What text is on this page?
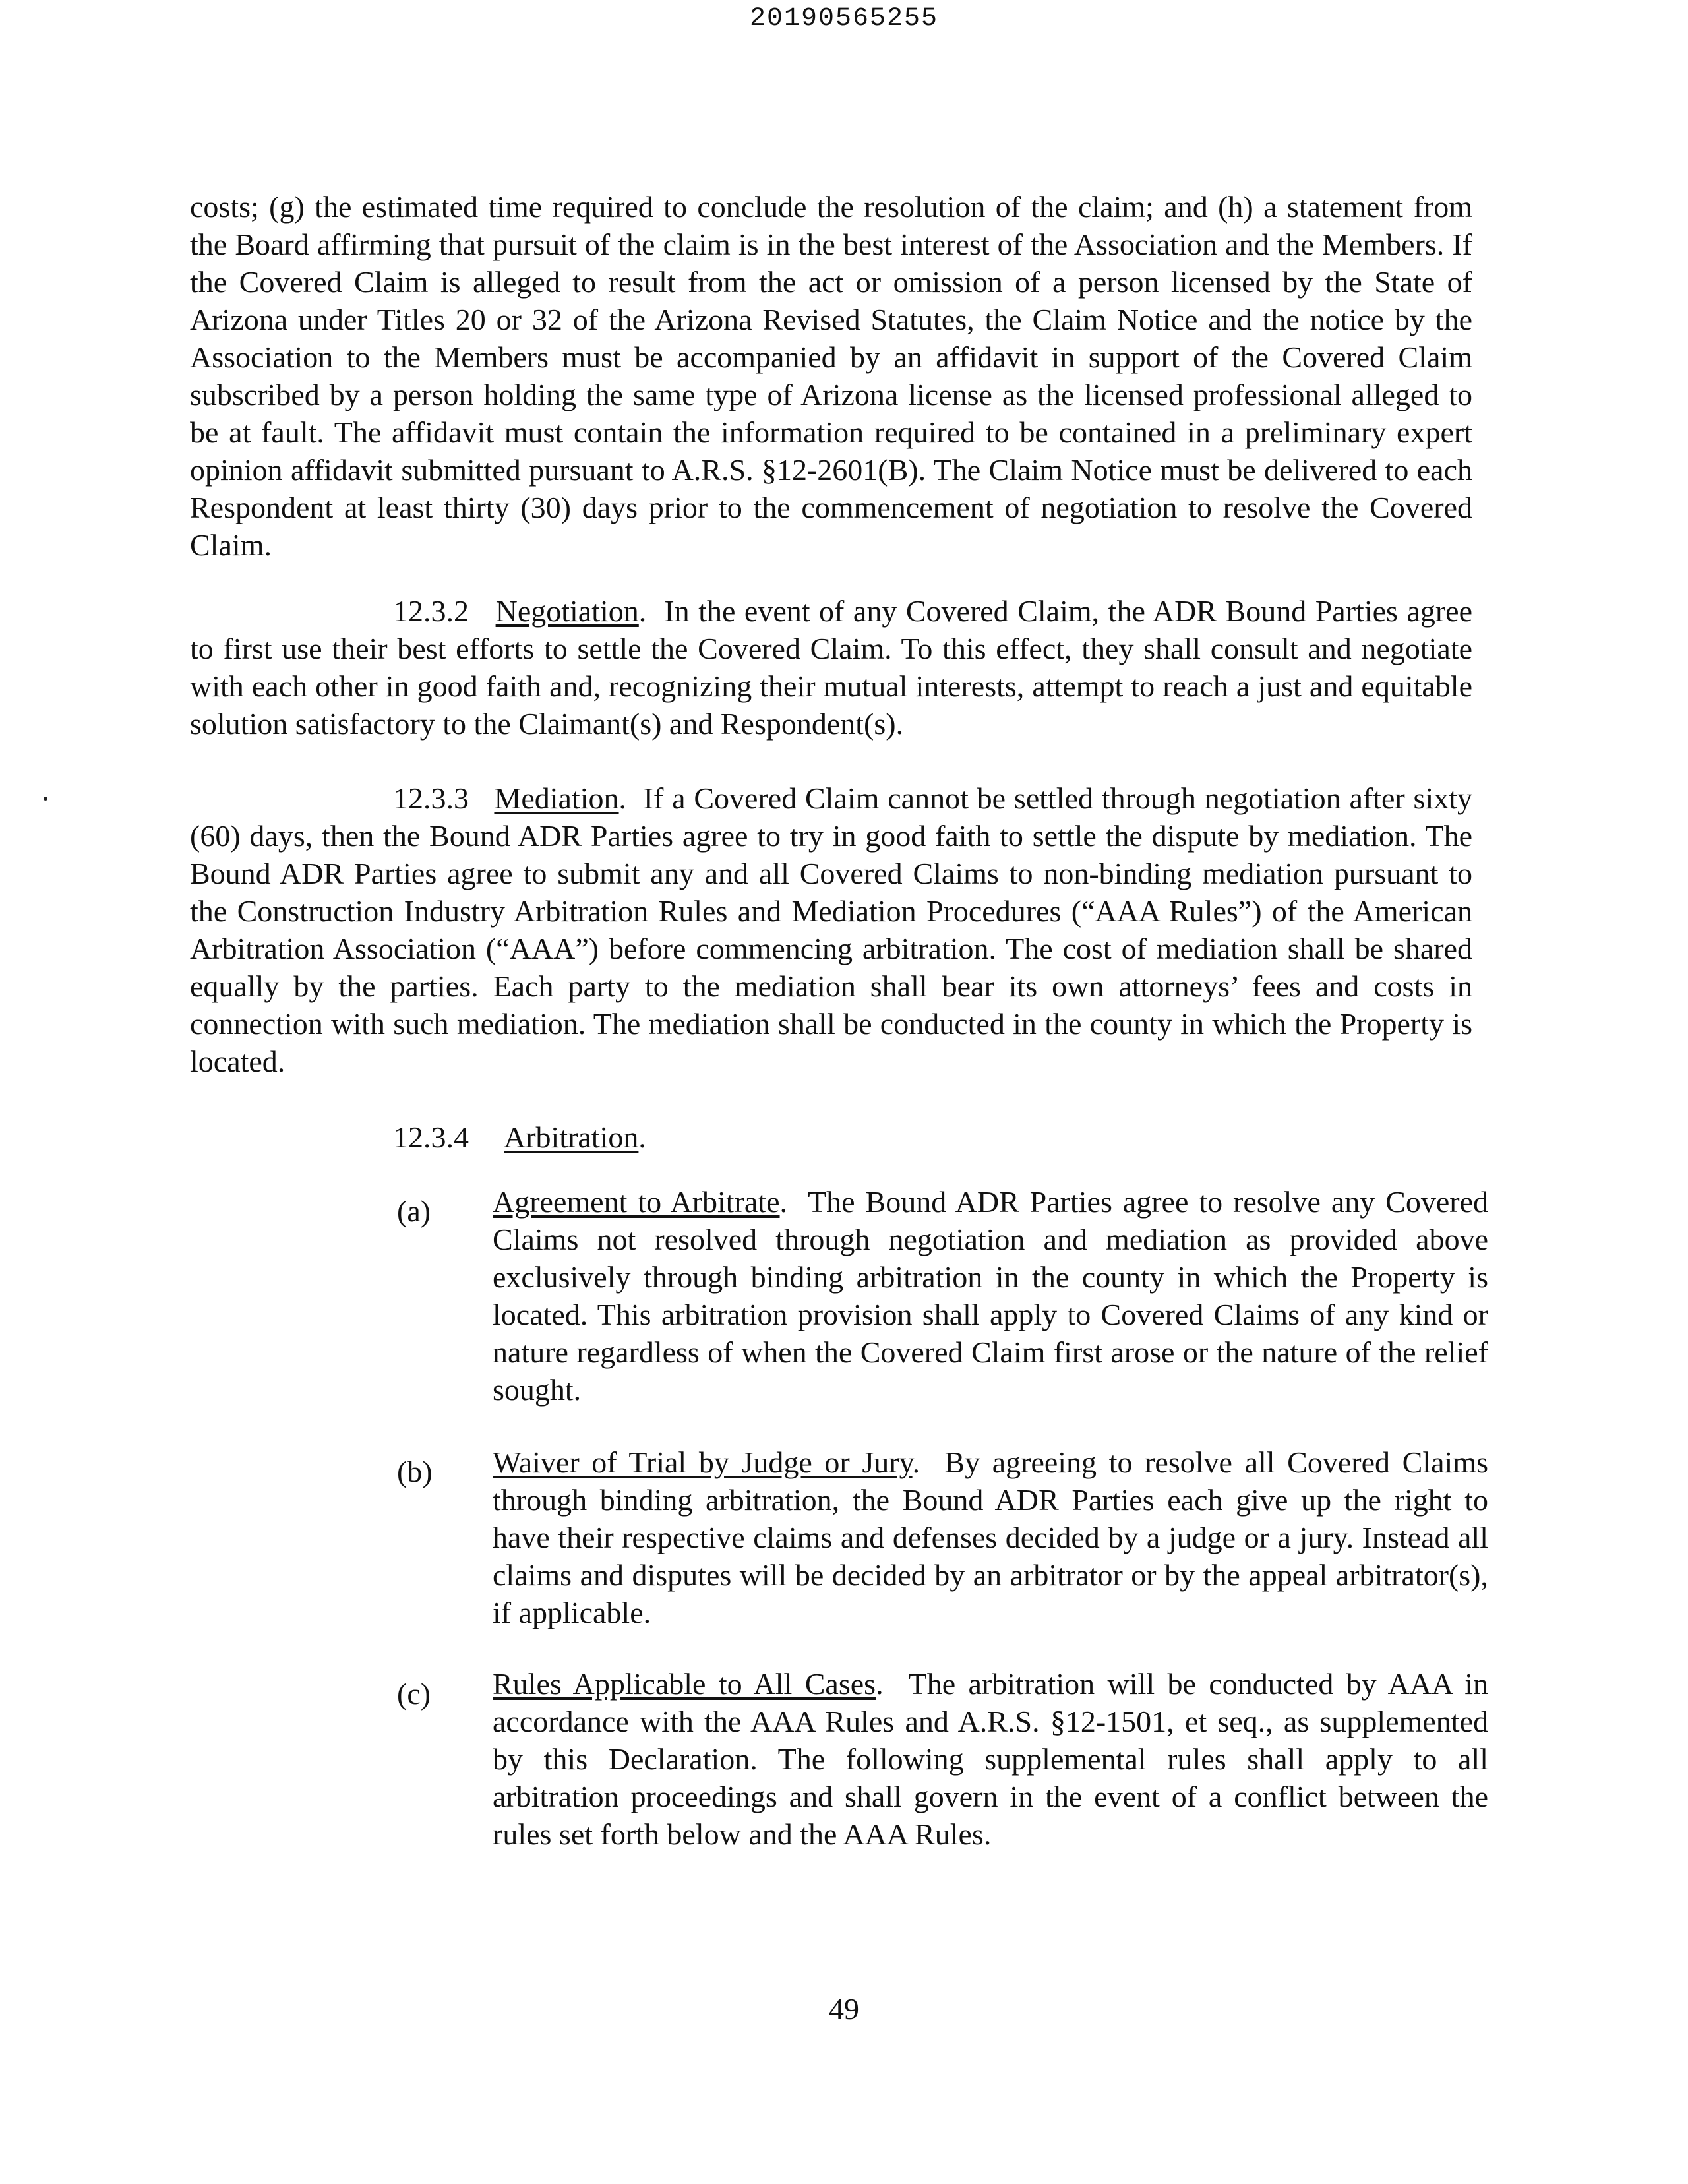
20190565255

costs; (g) the estimated time required to conclude the resolution of the claim; and (h) a statement from the Board affirming that pursuit of the claim is in the best interest of the Association and the Members. If the Covered Claim is alleged to result from the act or omission of a person licensed by the State of Arizona under Titles 20 or 32 of the Arizona Revised Statutes, the Claim Notice and the notice by the Association to the Members must be accompanied by an affidavit in support of the Covered Claim subscribed by a person holding the same type of Arizona license as the licensed professional alleged to be at fault. The affidavit must contain the information required to be contained in a preliminary expert opinion affidavit submitted pursuant to A.R.S. §12-2601(B). The Claim Notice must be delivered to each Respondent at least thirty (30) days prior to the commencement of negotiation to resolve the Covered Claim.

12.3.2 Negotiation.  In the event of any Covered Claim, the ADR Bound Parties agree to first use their best efforts to settle the Covered Claim. To this effect, they shall consult and negotiate with each other in good faith and, recognizing their mutual interests, attempt to reach a just and equitable solution satisfactory to the Claimant(s) and Respondent(s).

12.3.3 Mediation.  If a Covered Claim cannot be settled through negotiation after sixty (60) days, then the Bound ADR Parties agree to try in good faith to settle the dispute by mediation. The Bound ADR Parties agree to submit any and all Covered Claims to non-binding mediation pursuant to the Construction Industry Arbitration Rules and Mediation Procedures (“AAA Rules”) of the American Arbitration Association (“AAA”) before commencing arbitration. The cost of mediation shall be shared equally by the parties. Each party to the mediation shall bear its own attorneys’ fees and costs in connection with such mediation. The mediation shall be conducted in the county in which the Property is located.

12.3.4 Arbitration.
(a) Agreement to Arbitrate.  The Bound ADR Parties agree to resolve any Covered Claims not resolved through negotiation and mediation as provided above exclusively through binding arbitration in the county in which the Property is located. This arbitration provision shall apply to Covered Claims of any kind or nature regardless of when the Covered Claim first arose or the nature of the relief sought.

(b) Waiver of Trial by Judge or Jury.  By agreeing to resolve all Covered Claims through binding arbitration, the Bound ADR Parties each give up the right to have their respective claims and defenses decided by a judge or a jury. Instead all claims and disputes will be decided by an arbitrator or by the appeal arbitrator(s), if applicable.

(c) Rules Applicable to All Cases.  The arbitration will be conducted by AAA in accordance with the AAA Rules and A.R.S. §12-1501, et seq., as supplemented by this Declaration. The following supplemental rules shall apply to all arbitration proceedings and shall govern in the event of a conflict between the rules set forth below and the AAA Rules.

49
